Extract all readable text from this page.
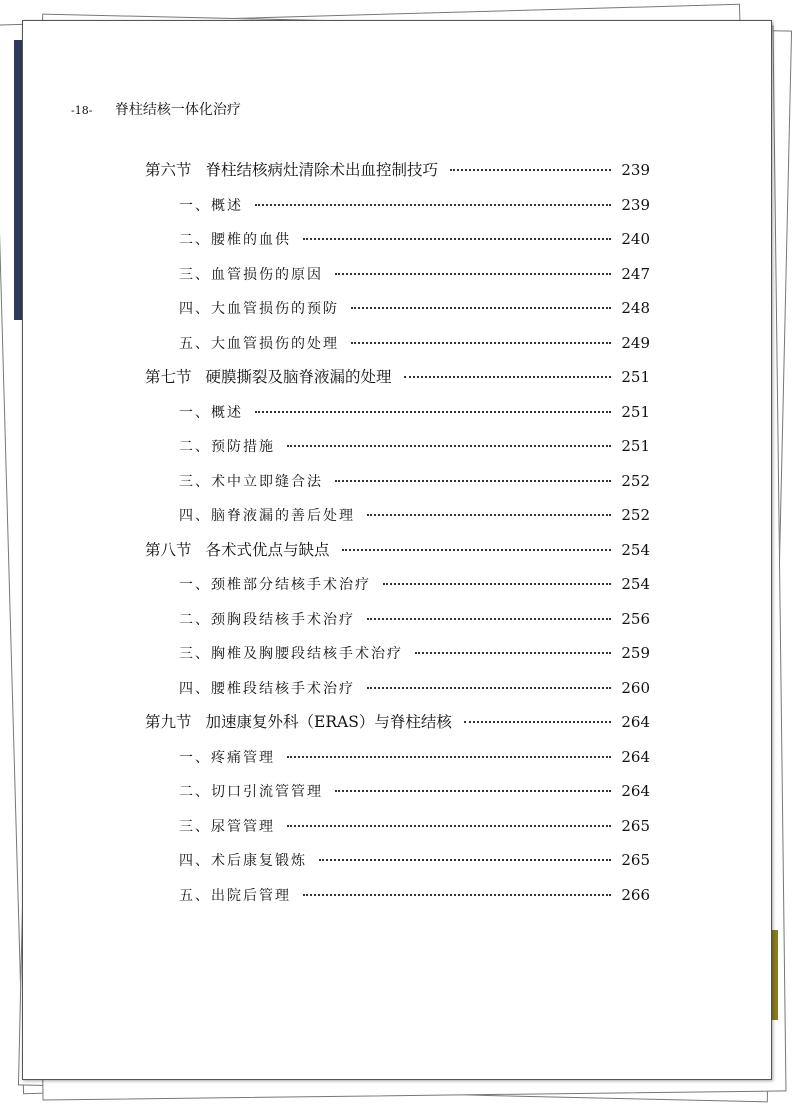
-18- 脊柱结核一体化治疗
第六节 脊柱结核病灶清除术出血控制技巧	239
一、概述	239
二、腰椎的血供	240
三、血管损伤的原因	247
四、大血管损伤的预防	248
五、大血管损伤的处理	249
第七节 硬膜撕裂及脑脊液漏的处理	251
一、概述	251
二、预防措施	251
三、术中立即缝合法	252
四、脑脊液漏的善后处理	252
第八节 各术式优点与缺点	254
一、颈椎部分结核手术治疗	254
二、颈胸段结核手术治疗	256
三、胸椎及胸腰段结核手术治疗	259
四、腰椎段结核手术治疗	260
第九节 加速康复外科（ERAS）与脊柱结核	264
一、疼痛管理	264
二、切口引流管管理	264
三、尿管管理	265
四、术后康复锻炼	265
五、出院后管理	266
